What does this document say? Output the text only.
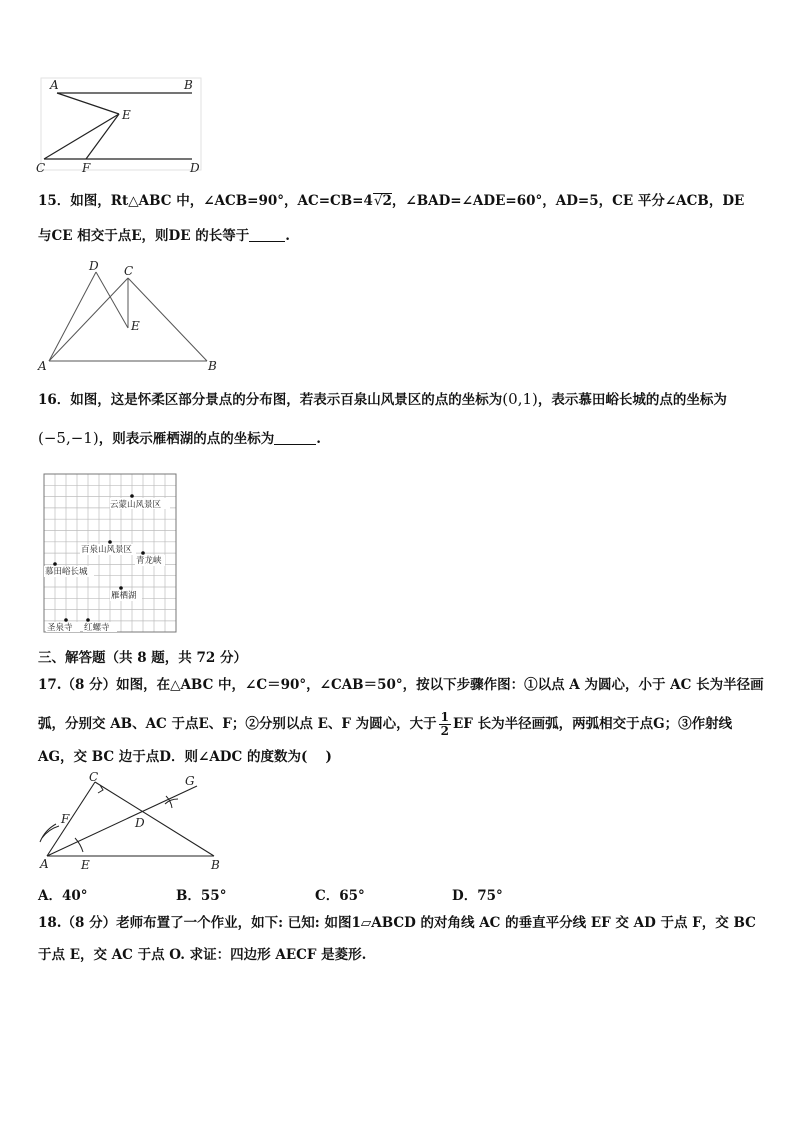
A	B
E
C	F	D
15．如图，Rt△ABC 中，∠ACB=90°，AC=CB=4√2，∠BAD=∠ADE=60°，AD=5，CE 平分∠ACB，DE
与CE 相交于点E，则DE 的长等于	.
D C
E
A	B
16．如图，这是怀柔区部分景点的分布图，若表示百泉山风景区的点的坐标为(0,1)，表示慕田峪长城的点的坐标为
(−5,−1)，则表示雁栖湖的点的坐标为	.
云蒙山风景区
百泉山风景区
青龙峡
慕田峪长城
雁栖湖
圣泉寺 红螺寺
三、解答题（共 8 题，共 72 分）
17.（8 分）如图，在△ABC 中，∠C＝90°，∠CAB＝50°，按以下步骤作图：①以点 A 为圆心，小于 AC 长为半径画
弧，分别交 AB、AC 于点E、F；②分别以点 E、F 为圆心，大于 $\frac{1}{2}$ EF 长为半径画弧，两弧相交于点G；③作射线
AG，交 BC 边于点D．则∠ADC 的度数为(　 )
C	G
F	D
A	E	B
A．40°	B．55°	C．65°	D．75°
18.（8 分）老师布置了一个作业，如下: 已知: 如图1▱ABCD 的对角线 AC 的垂直平分线 EF 交 AD 于点 F，交 BC
于点 E，交 AC 于点 O. 求证：四边形 AECF 是菱形.
